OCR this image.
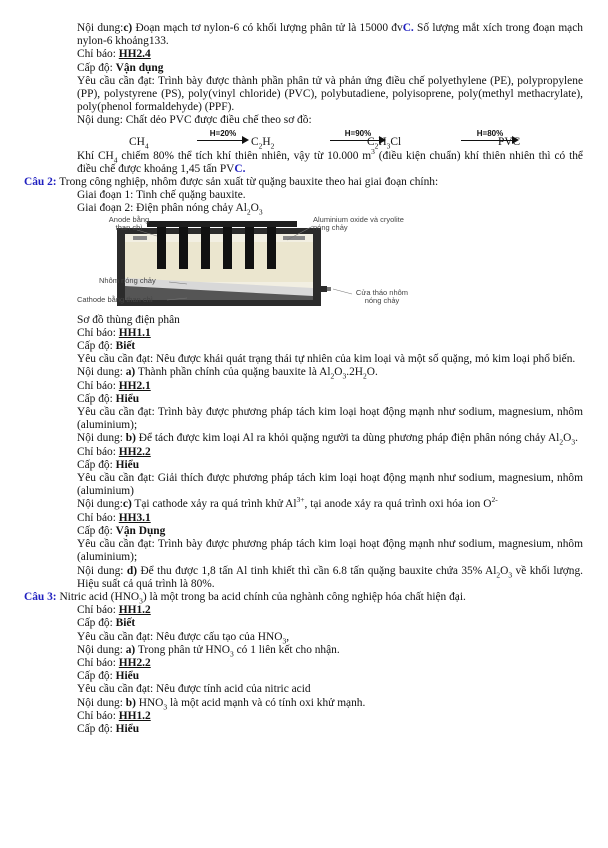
Nội dung:c) Đoạn mạch tơ nylon-6 có khối lượng phân tử là 15000 đvC. Số lượng mắt xích trong đoạn mạch nylon-6 khoảng133.
Chỉ báo: HH2.4
Cấp độ: Vận dụng
Yêu cầu cần đạt: Trình bày được thành phần phân tử và phản ứng điều chế polyethylene (PE), polypropylene (PP), polystyrene (PS), poly(vinyl chloride) (PVC), polybutadiene, polyisoprene, poly(methyl methacrylate), poly(phenol formaldehyde) (PPF).
Nội dung: Chất dẻo PVC được điều chế theo sơ đồ:
$CH_4$
H=20%
$C_2H_2$
H=90%
$C_2H_3Cl$
H=80%
PVC
Khí $CH_4$ chiếm 80% thể tích khí thiên nhiên, vậy từ 10.000 $m^3$ (điều kiện chuẩn) khí thiên nhiên thì có thể điều chế được khoảng 1,45 tấn PVC.
Câu 2: Trong công nghiệp, nhôm được sản xuất từ quặng bauxite theo hai giai đoạn chính:
Giai đoạn 1: Tinh chế quặng bauxite.
Giai đoạn 2: Điện phân nóng chảy $Al_2O_3$
Anode bằng than chì
Aluminium oxide và cryolite nóng chảy
Nhôm nóng chảy
Cathode bằng than chì
Cửa tháo nhôm nóng chảy
Sơ đồ thùng điện phân
Chỉ báo: HH1.1
Cấp độ: Biết
Yêu cầu cần đạt: Nêu được khái quát trạng thái tự nhiên của kim loại và một số quặng, mỏ kim loại phổ biến.
Nội dung: a) Thành phần chính của quặng bauxite là $Al_2O_3.2H_2O$.
Chỉ báo: HH2.1
Cấp độ: Hiểu
Yêu cầu cần đạt: Trình bày được phương pháp tách kim loại hoạt động mạnh như sodium, magnesium, nhôm (aluminium);
Nội dung: b) Để tách được kim loại Al ra khỏi quặng người ta dùng phương pháp điện phân nóng chảy $Al_2O_3$.
Chỉ báo: HH2.2
Cấp độ: Hiểu
Yêu cầu cần đạt: Giải thích được phương pháp tách kim loại hoạt động mạnh như sodium, magnesium, nhôm (aluminium)
Nội dung:c) Tại cathode xảy ra quá trình khử $Al^{3+}$, tại anode xảy ra quá trình oxi hóa ion $O^{2-}$
Chỉ báo: HH3.1
Cấp độ: Vận Dụng
Yêu cầu cần đạt: Trình bày được phương pháp tách kim loại hoạt động mạnh như sodium, magnesium, nhôm (aluminium);
Nội dung: d) Để thu được 1,8 tấn Al tinh khiết thì cần 6.8 tấn quặng bauxite chứa 35% $Al_2O_3$ về khối lượng. Hiệu suất cả quá trình là 80%.
Câu 3: Nitric acid $(HNO_3)$ là một trong ba acid chính của nghành công nghiệp hóa chất hiện đại.
Chỉ báo: HH1.2
Cấp độ: Biết
Yêu cầu cần đạt: Nêu được cấu tạo của $HNO_3$,
Nội dung: a) Trong phân tử $HNO_3$ có 1 liên kết cho nhận.
Chỉ báo: HH2.2
Cấp độ: Hiểu
Yêu cầu cần đạt: Nêu được tính acid của nitric acid
Nội dung: b) $HNO_3$ là một acid mạnh và có tính oxi khử mạnh.
Chỉ báo: HH1.2
Cấp độ: Hiểu
